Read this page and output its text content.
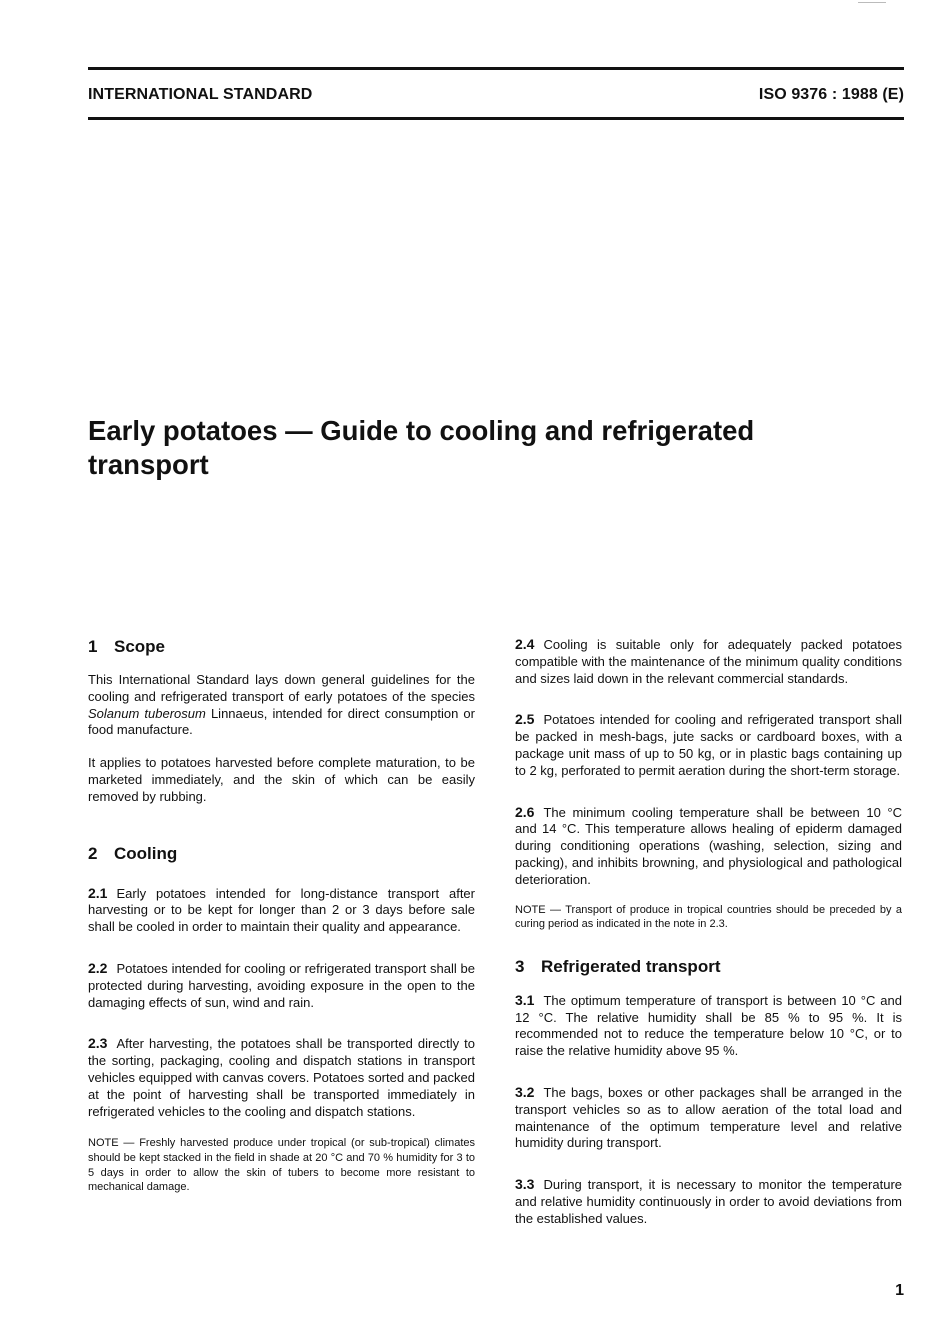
INTERNATIONAL STANDARD	ISO 9376 : 1988 (E)
Early potatoes — Guide to cooling and refrigerated
transport
1 Scope

This International Standard lays down general guidelines for the cooling and refrigerated transport of early potatoes of the species Solanum tuberosum Linnaeus, intended for direct consumption or food manufacture.

It applies to potatoes harvested before complete maturation, to be marketed immediately, and the skin of which can be easily removed by rubbing.

2 Cooling

2.1 Early potatoes intended for long-distance transport after harvesting or to be kept for longer than 2 or 3 days before sale shall be cooled in order to maintain their quality and appearance.

2.2 Potatoes intended for cooling or refrigerated transport shall be protected during harvesting, avoiding exposure in the open to the damaging effects of sun, wind and rain.

2.3 After harvesting, the potatoes shall be transported directly to the sorting, packaging, cooling and dispatch stations in transport vehicles equipped with canvas covers. Potatoes sorted and packed at the point of harvesting shall be transported immediately in refrigerated vehicles to the cooling and dispatch stations.

NOTE — Freshly harvested produce under tropical (or sub-tropical) climates should be kept stacked in the field in shade at 20 °C and 70 % humidity for 3 to 5 days in order to allow the skin of tubers to become more resistant to mechanical damage.

2.4 Cooling is suitable only for adequately packed potatoes compatible with the maintenance of the minimum quality conditions and sizes laid down in the relevant commercial standards.

2.5 Potatoes intended for cooling and refrigerated transport shall be packed in mesh-bags, jute sacks or cardboard boxes, with a package unit mass of up to 50 kg, or in plastic bags containing up to 2 kg, perforated to permit aeration during the short-term storage.

2.6 The minimum cooling temperature shall be between 10 °C and 14 °C. This temperature allows healing of epiderm damaged during conditioning operations (washing, selection, sizing and packing), and inhibits browning, and physiological and pathological deterioration.

NOTE — Transport of produce in tropical countries should be preceded by a curing period as indicated in the note in 2.3.

3 Refrigerated transport

3.1 The optimum temperature of transport is between 10 °C and 12 °C. The relative humidity shall be 85 % to 95 %. It is recommended not to reduce the temperature below 10 °C, or to raise the relative humidity above 95 %.

3.2 The bags, boxes or other packages shall be arranged in the transport vehicles so as to allow aeration of the total load and maintenance of the optimum temperature level and relative humidity during transport.

3.3 During transport, it is necessary to monitor the temperature and relative humidity continuously in order to avoid deviations from the established values.

1
